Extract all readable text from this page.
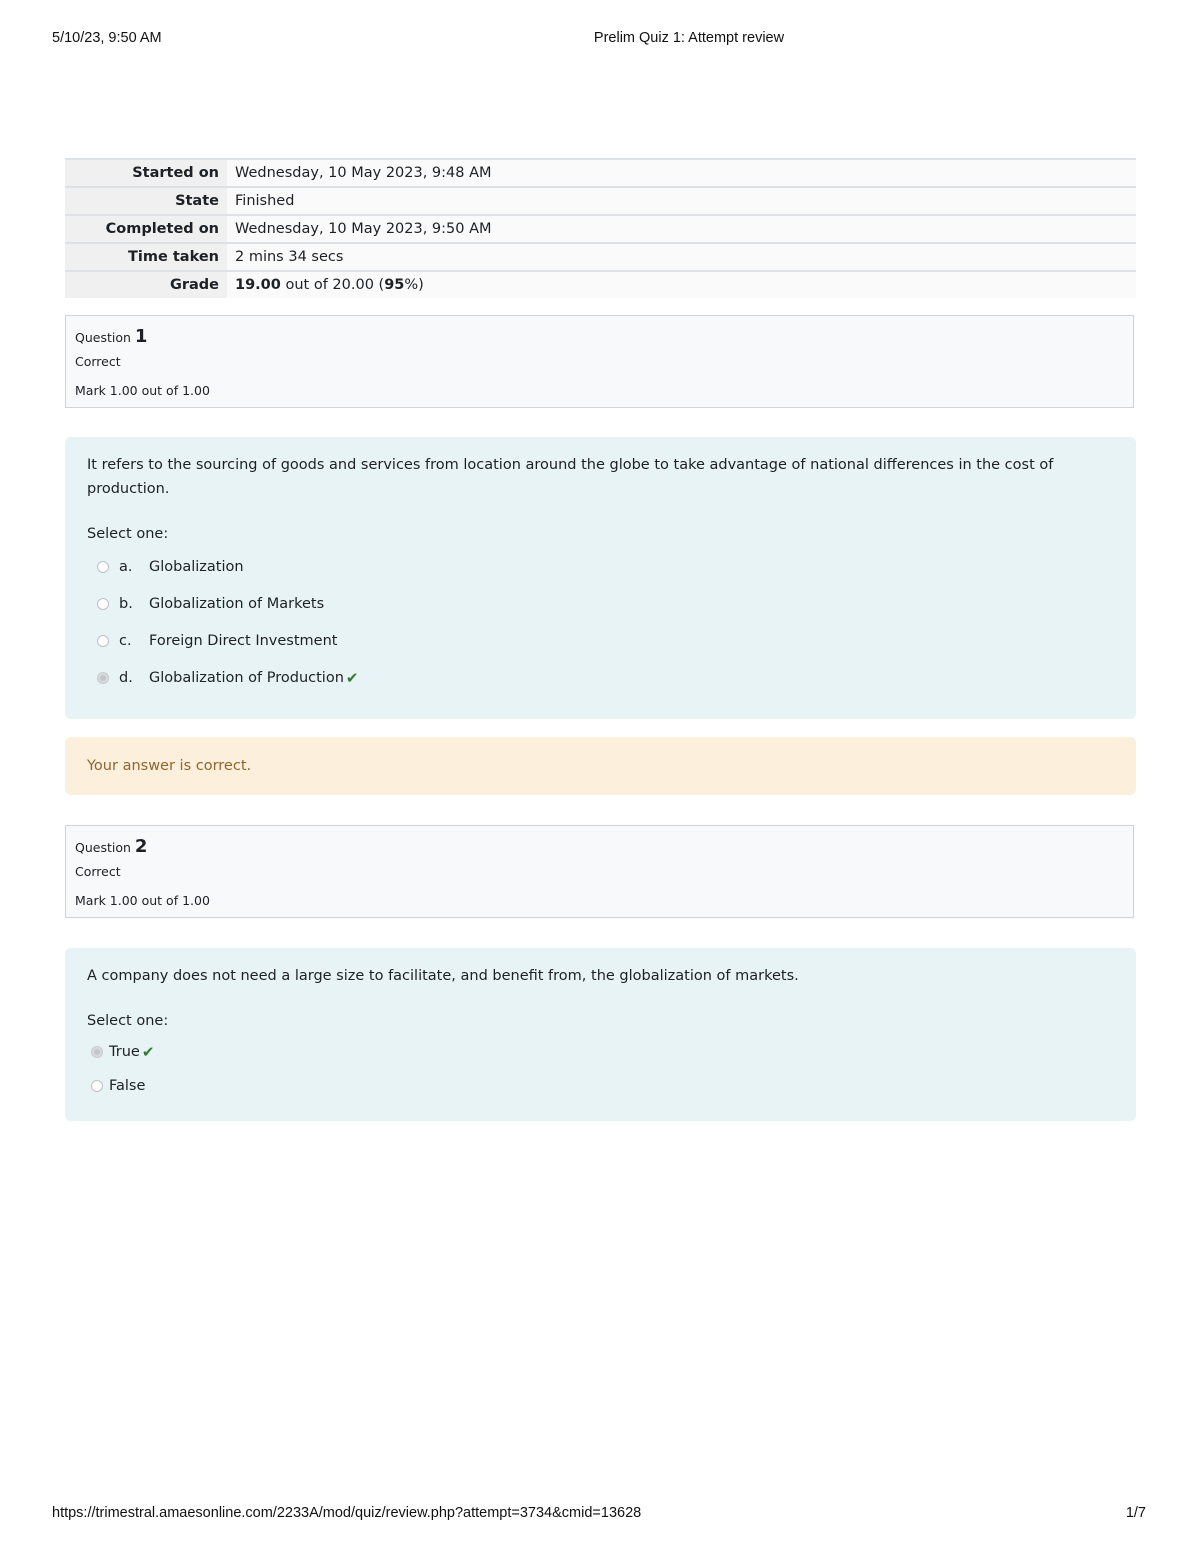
5/10/23, 9:50 AM	Prelim Quiz 1: Attempt review
Started on	Wednesday, 10 May 2023, 9:48 AM
State	Finished
Completed on	Wednesday, 10 May 2023, 9:50 AM
Time taken	2 mins 34 secs
Grade	19.00 out of 20.00 (95%)
Question 1
Correct
Mark 1.00 out of 1.00
It refers to the sourcing of goods and services from location around the globe to take advantage of national differences in the cost of production.
Select one:
a.	Globalization
b.	Globalization of Markets
c.	Foreign Direct Investment
d.	Globalization of Production ✔
Your answer is correct.
Question 2
Correct
Mark 1.00 out of 1.00
A company does not need a large size to facilitate, and benefit from, the globalization of markets.
Select one:
True ✔
False
https://trimestral.amaesonline.com/2233A/mod/quiz/review.php?attempt=3734&cmid=13628	1/7
